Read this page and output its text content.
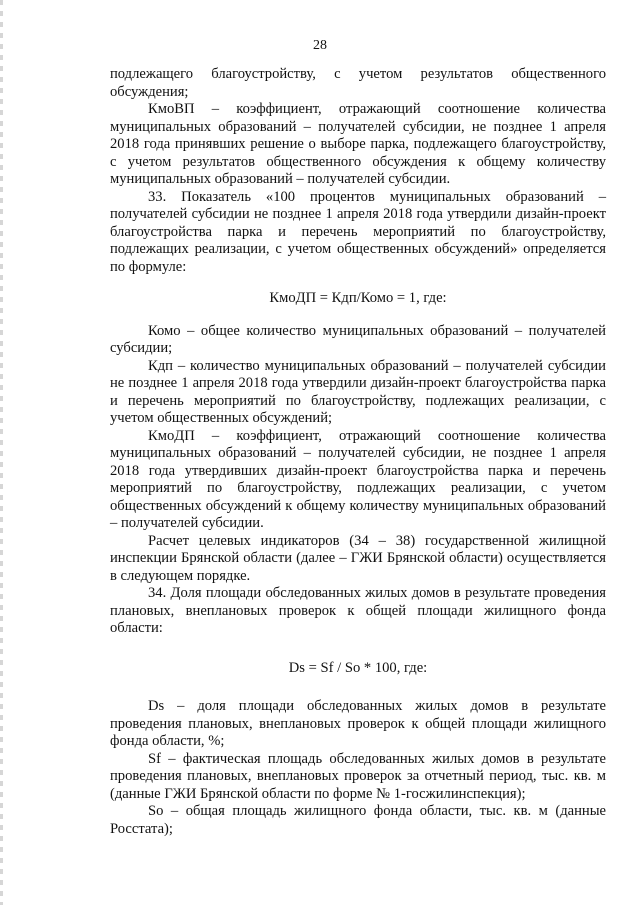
28

подлежащего благоустройству, с учетом результатов общественного обсуждения;

КмоВП – коэффициент, отражающий соотношение количества муниципальных образований – получателей субсидии, не позднее 1 апреля 2018 года принявших решение о выборе парка, подлежащего благоустройству, с учетом результатов общественного обсуждения к общему количеству муниципальных образований – получателей субсидии.

33. Показатель «100 процентов муниципальных образований – получателей субсидии не позднее 1 апреля 2018 года утвердили дизайн-проект благоустройства парка и перечень мероприятий по благоустройству, подлежащих реализации, с учетом общественных обсуждений» определяется по формуле:

КмоДП = Кдп/Комо = 1, где:

Комо – общее количество муниципальных образований – получателей субсидии;

Кдп – количество муниципальных образований – получателей субсидии не позднее 1 апреля 2018 года утвердили дизайн-проект благоустройства парка и перечень мероприятий по благоустройству, подлежащих реализации, с учетом общественных обсуждений;

КмоДП – коэффициент, отражающий соотношение количества муниципальных образований – получателей субсидии, не позднее 1 апреля 2018 года утвердивших дизайн-проект благоустройства парка и перечень мероприятий по благоустройству, подлежащих реализации, с учетом общественных обсуждений к общему количеству муниципальных образований – получателей субсидии.

Расчет целевых индикаторов (34 – 38) государственной жилищной инспекции Брянской области (далее – ГЖИ Брянской области) осуществляется в следующем порядке.

34. Доля площади обследованных жилых домов в результате проведения плановых, внеплановых проверок к общей площади жилищного фонда области:

Ds = Sf / So * 100, где:

Ds – доля площади обследованных жилых домов в результате проведения плановых, внеплановых проверок к общей площади жилищного фонда области, %;

Sf – фактическая площадь обследованных жилых домов в результате проведения плановых, внеплановых проверок за отчетный период, тыс. кв. м (данные ГЖИ Брянской области по форме № 1-госжилинспекция);

So – общая площадь жилищного фонда области, тыс. кв. м (данные Росстата);
